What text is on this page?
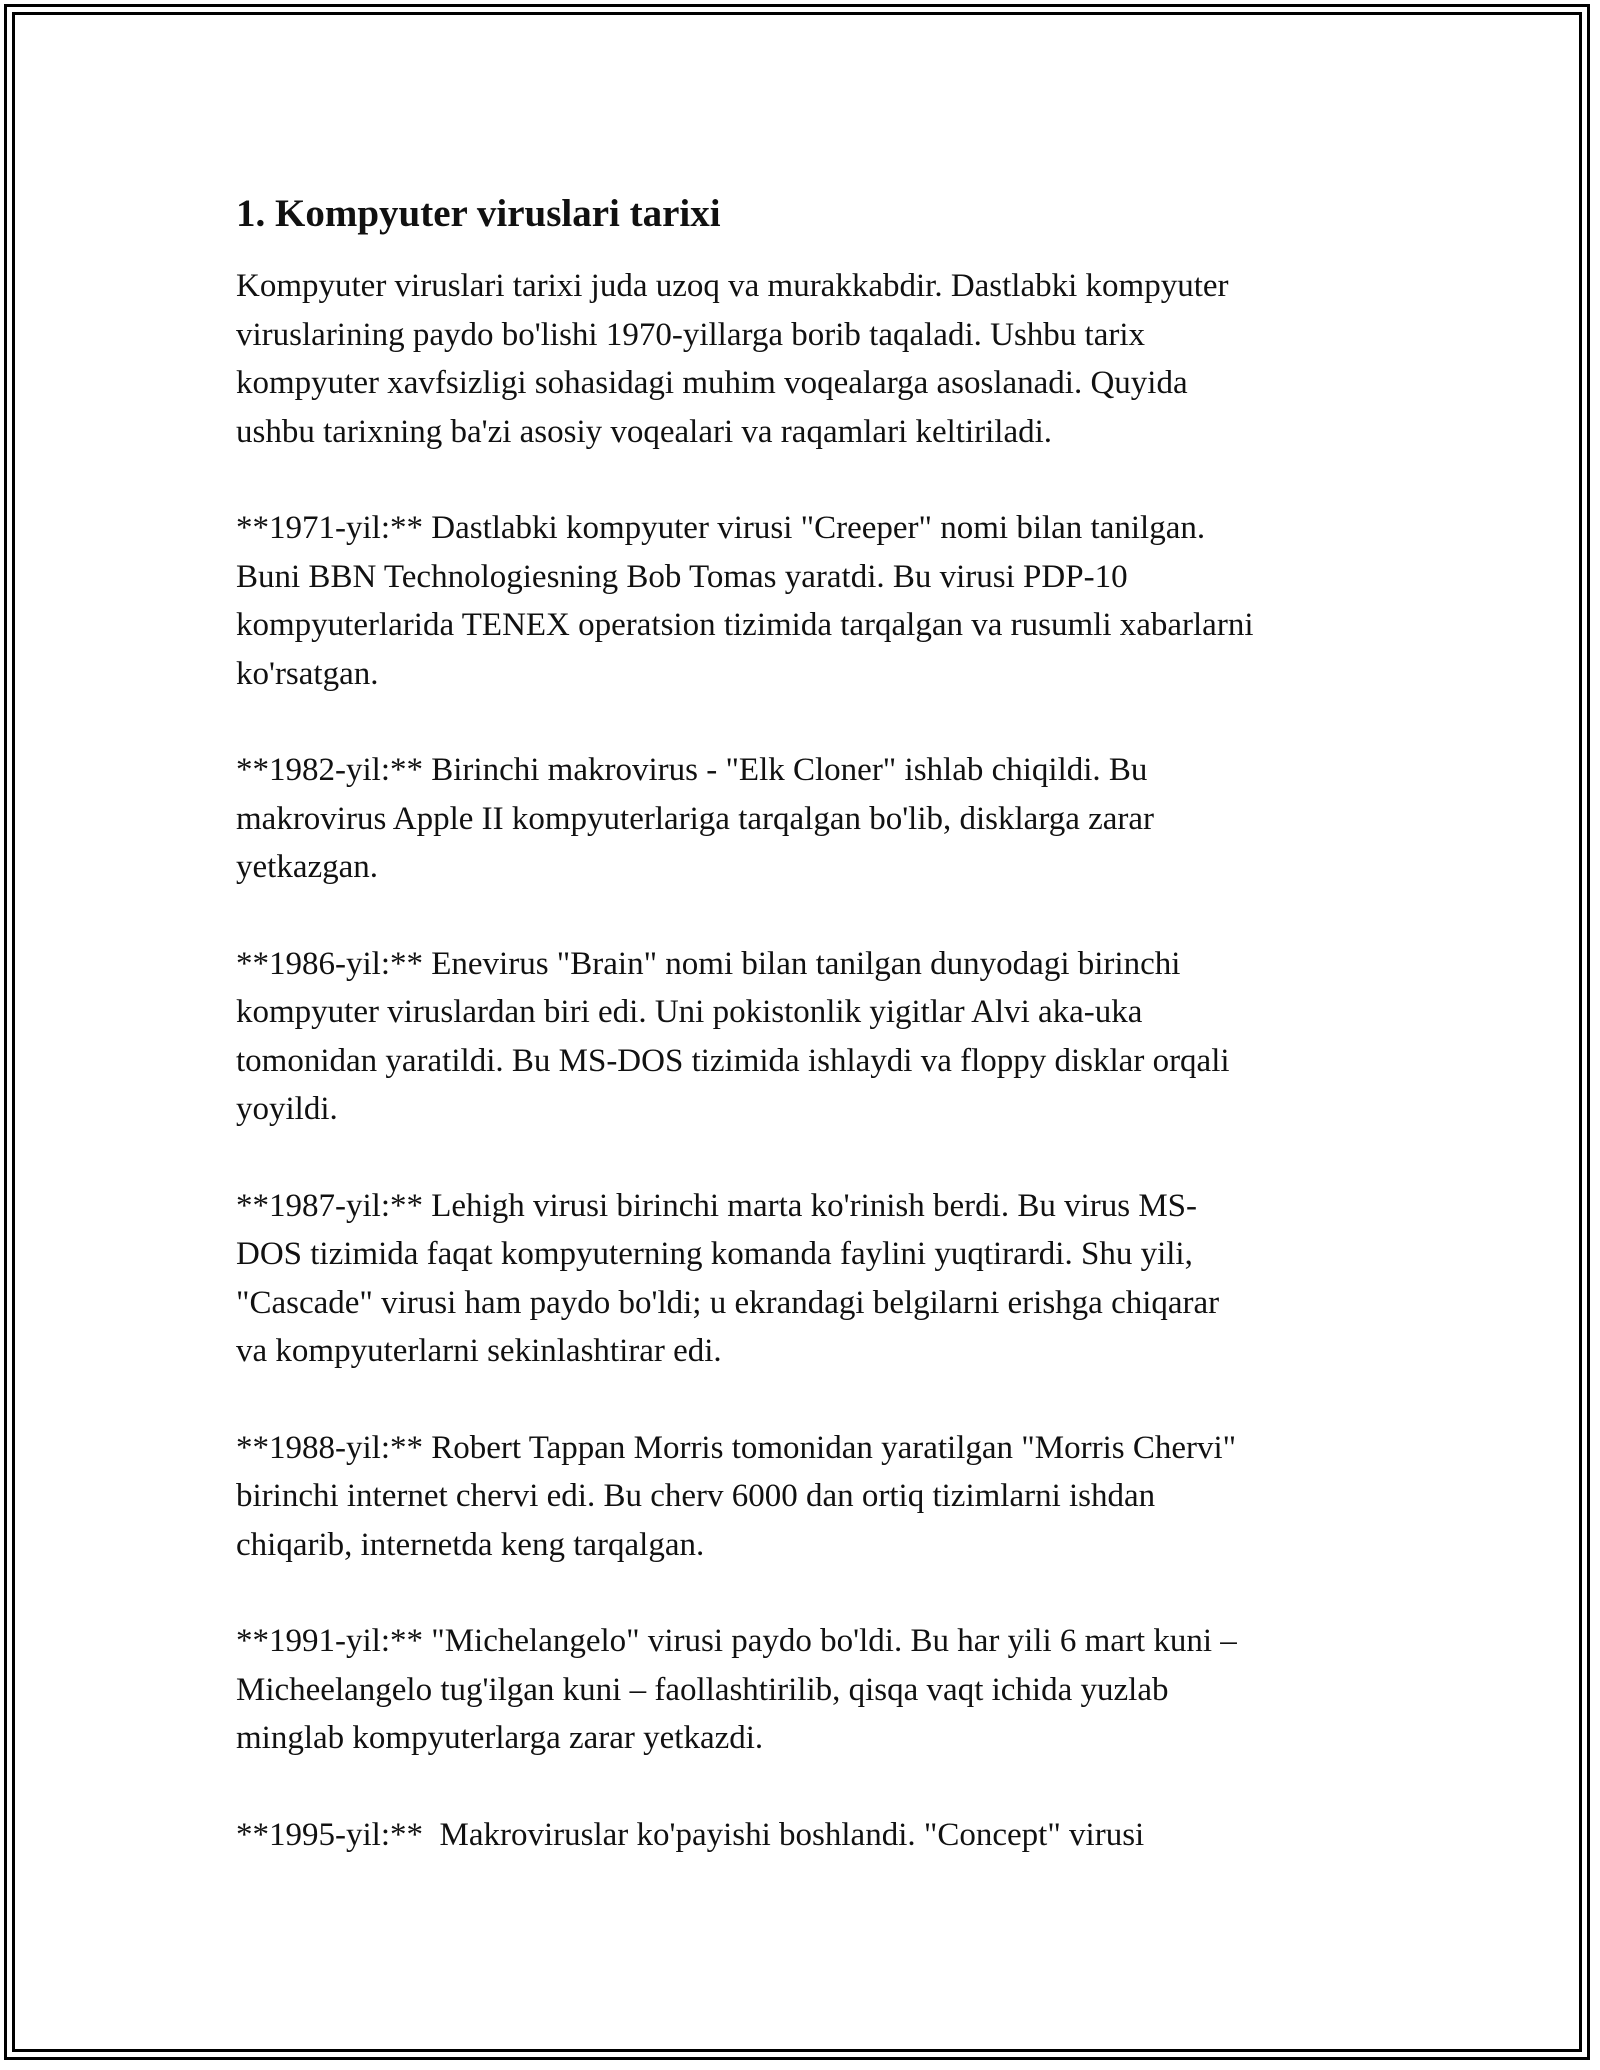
1. Kompyuter viruslari tarixi

Kompyuter viruslari tarixi juda uzoq va murakkabdir. Dastlabki kompyuter
viruslarining paydo bo'lishi 1970-yillarga borib taqaladi. Ushbu tarix
kompyuter xavfsizligi sohasidagi muhim voqealarga asoslanadi. Quyida
ushbu tarixning ba'zi asosiy voqealari va raqamlari keltiriladi.

**1971-yil:** Dastlabki kompyuter virusi "Creeper" nomi bilan tanilgan.
Buni BBN Technologiesning Bob Tomas yaratdi. Bu virusi PDP-10
kompyuterlarida TENEX operatsion tizimida tarqalgan va rusumli xabarlarni
ko'rsatgan.

**1982-yil:** Birinchi makrovirus - "Elk Cloner" ishlab chiqildi. Bu
makrovirus Apple II kompyuterlariga tarqalgan bo'lib, disklarga zarar
yetkazgan.

**1986-yil:** Enevirus "Brain" nomi bilan tanilgan dunyodagi birinchi
kompyuter viruslardan biri edi. Uni pokistonlik yigitlar Alvi aka-uka
tomonidan yaratildi. Bu MS-DOS tizimida ishlaydi va floppy disklar orqali
yoyildi.

**1987-yil:** Lehigh virusi birinchi marta ko'rinish berdi. Bu virus MS-
DOS tizimida faqat kompyuterning komanda faylini yuqtirardi. Shu yili,
"Cascade" virusi ham paydo bo'ldi; u ekrandagi belgilarni erishga chiqarar
va kompyuterlarni sekinlashtirar edi.

**1988-yil:** Robert Tappan Morris tomonidan yaratilgan "Morris Chervi"
birinchi internet chervi edi. Bu cherv 6000 dan ortiq tizimlarni ishdan
chiqarib, internetda keng tarqalgan.

**1991-yil:** "Michelangelo" virusi paydo bo'ldi. Bu har yili 6 mart kuni –
Micheelangelo tug'ilgan kuni – faollashtirilib, qisqa vaqt ichida yuzlab
minglab kompyuterlarga zarar yetkazdi.

**1995-yil:**  Makroviruslar ko'payishi boshlandi. "Concept" virusi
